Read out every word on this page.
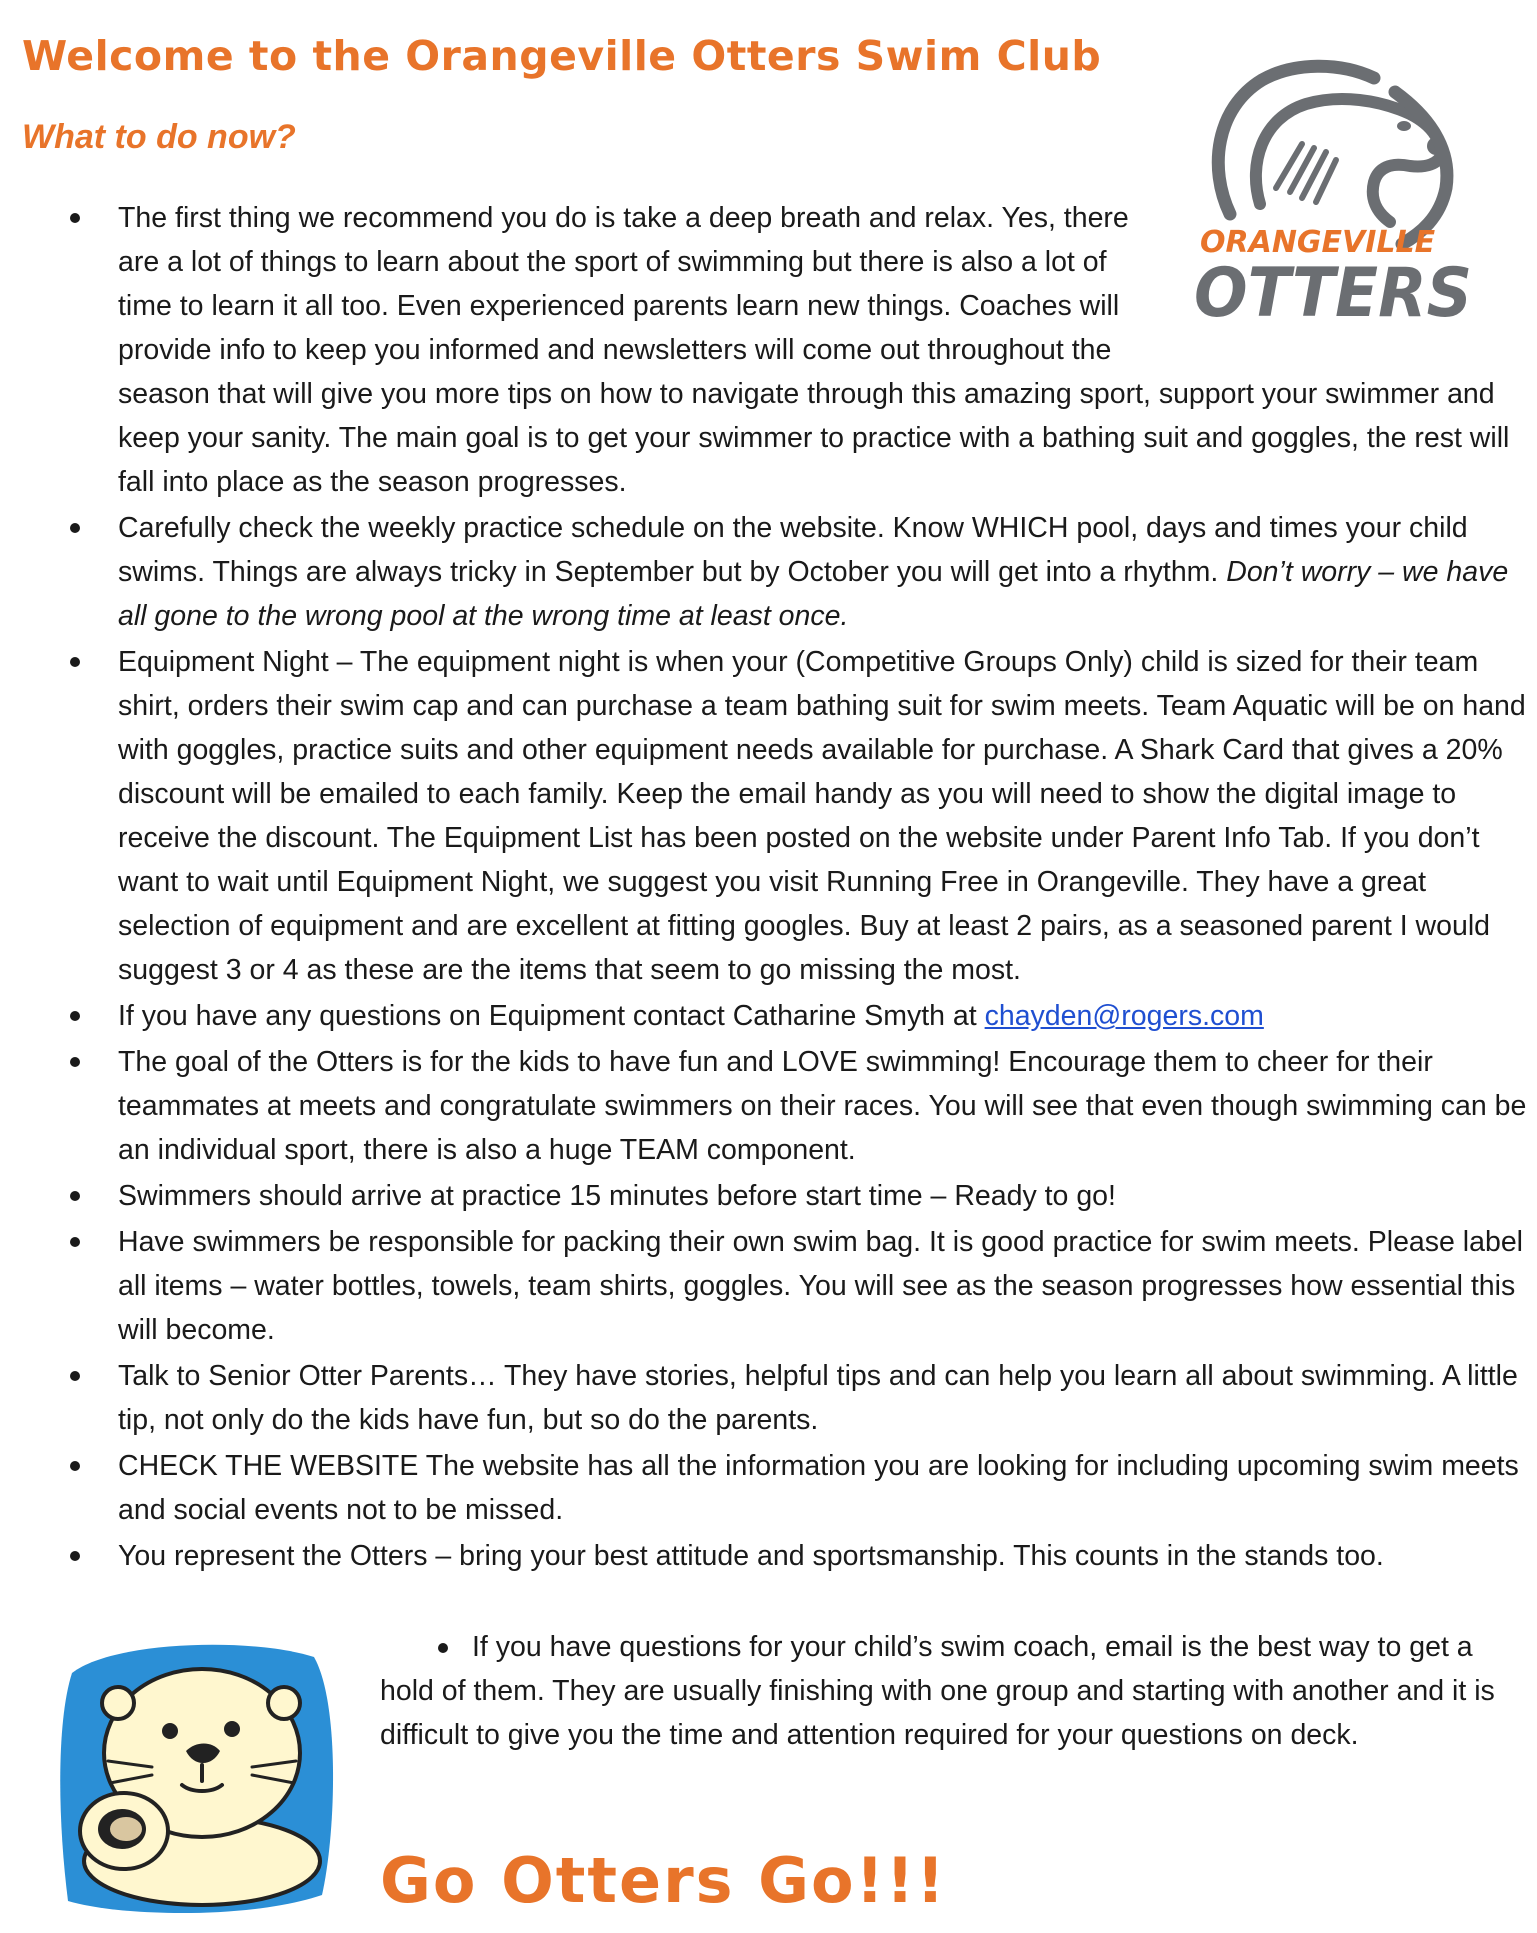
Welcome to the Orangeville Otters Swim Club
What to do now?
ORANGEVILLE
OTTERS
The first thing we recommend you do is take a deep breath and relax. Yes, there are a lot of things to learn about the sport of swimming but there is also a lot of time to learn it all too. Even experienced parents learn new things. Coaches will provide info to keep you informed and newsletters will come out throughout the season that will give you more tips on how to navigate through this amazing sport, support your swimmer and keep your sanity. The main goal is to get your swimmer to practice with a bathing suit and goggles, the rest will fall into place as the season progresses.
Carefully check the weekly practice schedule on the website. Know WHICH pool, days and times your child swims. Things are always tricky in September but by October you will get into a rhythm. Don’t worry – we have all gone to the wrong pool at the wrong time at least once.
Equipment Night – The equipment night is when your (Competitive Groups Only) child is sized for their team shirt, orders their swim cap and can purchase a team bathing suit for swim meets. Team Aquatic will be on hand with goggles, practice suits and other equipment needs available for purchase. A Shark Card that gives a 20% discount will be emailed to each family. Keep the email handy as you will need to show the digital image to receive the discount. The Equipment List has been posted on the website under Parent Info Tab. If you don’t want to wait until Equipment Night, we suggest you visit Running Free in Orangeville. They have a great selection of equipment and are excellent at fitting googles. Buy at least 2 pairs, as a seasoned parent I would suggest 3 or 4 as these are the items that seem to go missing the most.
If you have any questions on Equipment contact Catharine Smyth at chayden@rogers.com
The goal of the Otters is for the kids to have fun and LOVE swimming! Encourage them to cheer for their teammates at meets and congratulate swimmers on their races. You will see that even though swimming can be an individual sport, there is also a huge TEAM component.
Swimmers should arrive at practice 15 minutes before start time – Ready to go!
Have swimmers be responsible for packing their own swim bag. It is good practice for swim meets. Please label all items – water bottles, towels, team shirts, goggles. You will see as the season progresses how essential this will become.
Talk to Senior Otter Parents… They have stories, helpful tips and can help you learn all about swimming. A little tip, not only do the kids have fun, but so do the parents.
CHECK THE WEBSITE The website has all the information you are looking for including upcoming swim meets and social events not to be missed.
You represent the Otters – bring your best attitude and sportsmanship. This counts in the stands too.
If you have questions for your child’s swim coach, email is the best way to get a hold of them. They are usually finishing with one group and starting with another and it is difficult to give you the time and attention required for your questions on deck.
Go Otters Go!!!
